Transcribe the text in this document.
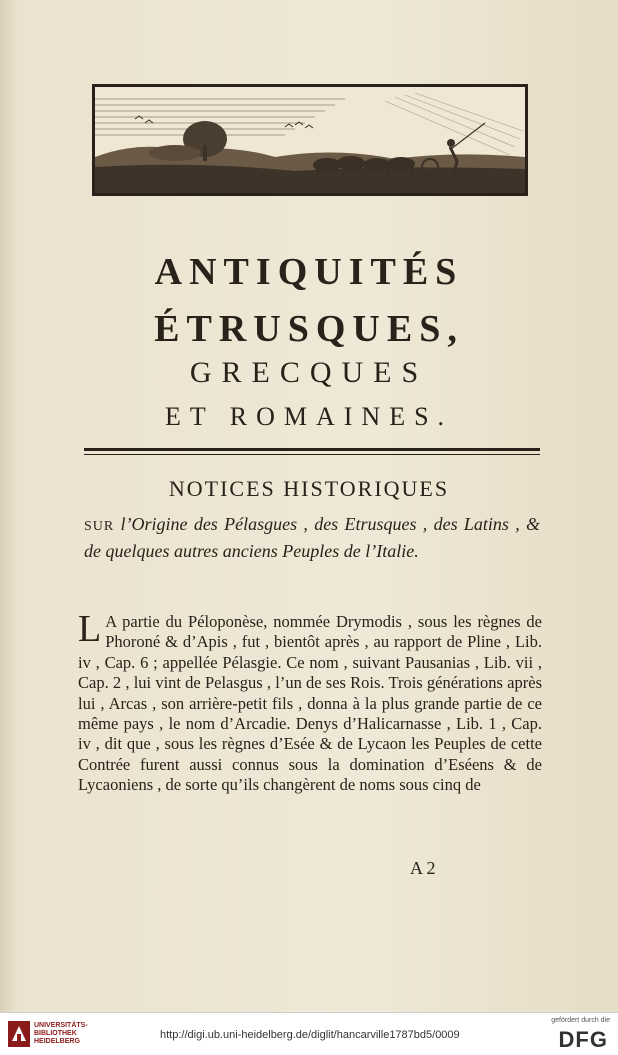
ANTIQUITÉS
ÉTRUSQUES,
GRECQUES
ET ROMAINES.
NOTICES HISTORIQUES
SUR l’Origine des Pélasgues , des Etrusques , des Latins , & de quelques autres anciens Peuples de l’Italie.
L A partie du Péloponèse, nommée Drymodis , sous les règnes de Phoroné & d’Apis , fut , bientôt après , au rapport de Pline , Lib. iv , Cap. 6 ; appellée Pélasgie. Ce nom , suivant Pausanias , Lib. vii , Cap. 2 , lui vint de Pelasgus , l’un de ses Rois. Trois générations après lui , Arcas , son arrière-petit fils , donna à la plus grande partie de ce même pays , le nom d’Arcadie. Denys d’Halicarnasse , Lib. 1 , Cap. iv , dit que , sous les règnes d’Esée & de Lycaon les Peuples de cette Contrée furent aussi connus sous la domination d’Eséens & de Lycaoniens , de sorte qu’ils changèrent de noms sous cinq de
A 2
UNIVERSITÄTS-
BIBLIOTHEK
HEIDELBERG
http://digi.ub.uni-heidelberg.de/diglit/hancarville1787bd5/0009
gefördert durch die
DFG
